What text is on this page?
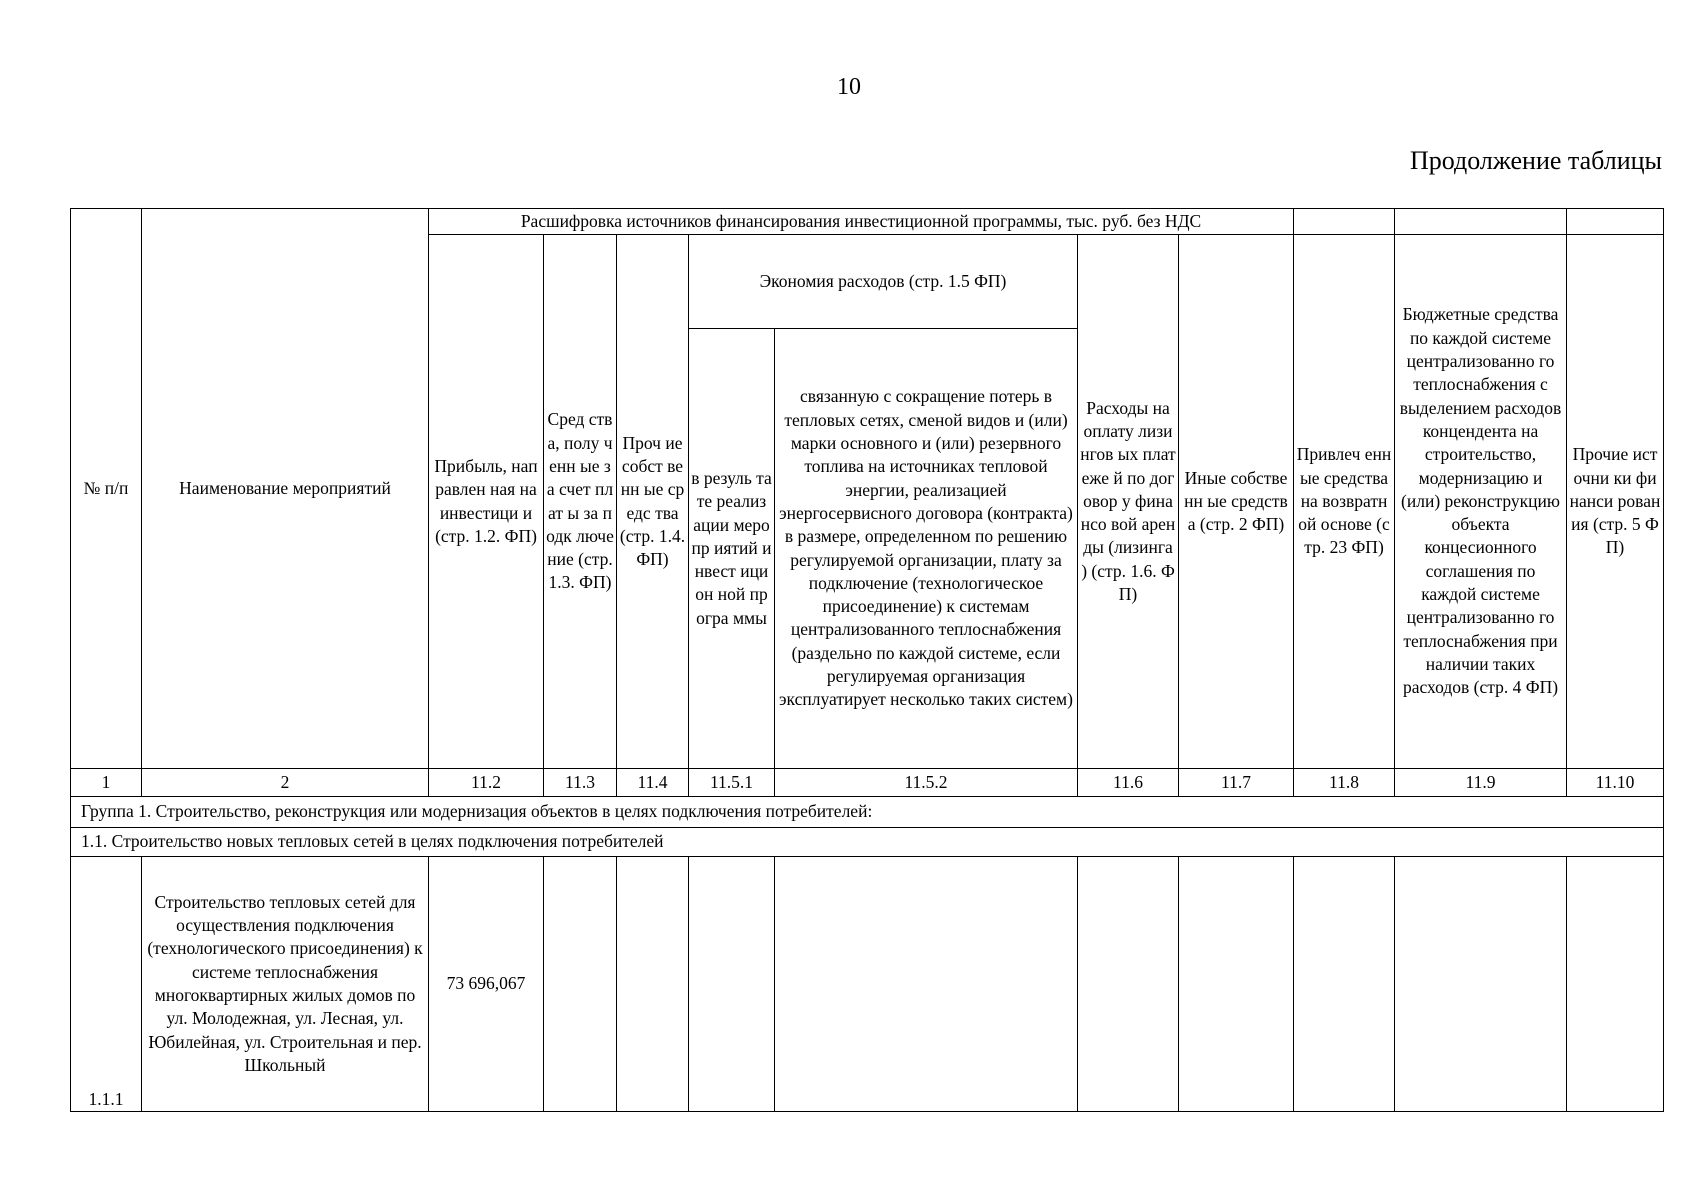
10
Продолжение таблицы
№ п/п	Наименование мероприятий	Расшифровка источников финансирования инвестиционной программы, тыс. руб. без НДС									
		Прибыль, направлен ная на инвестици и (стр. 1.2. ФП)	Сред ства, полу ченн ые за счет плат ы за подк люче ние (стр. 1.3. ФП)	Проч ие собст венн ые средс тва (стр. 1.4. ФП)	Экономия расходов (стр. 1.5 ФП)		Расходы на оплату лизингов ых платеже й по договор у финансо вой аренды (лизинга ) (стр. 1.6. ФП)	Иные собственн ые средства (стр. 2 ФП)	Привлеч енные средства на возвратн ой основе (стр. 23 ФП)	Бюджетные средства по каждой системе централизованно го теплоснабжения с выделением расходов концендента на строительство, модернизацию и (или) реконструкцию объекта концесионного соглашения по каждой системе централизованно го теплоснабжения при наличии таких расходов (стр. 4 ФП)	Прочие источни ки финанси рования (стр. 5 ФП)
					в резуль тате реализ ации меропр иятий инвест ицион ной програ ммы	связанную с сокращение потерь в тепловых сетях, сменой видов и (или) марки основного и (или) резервного топлива на источниках тепловой энергии, реализацией энергосервисного договора (контракта) в размере, определенном по решению регулируемой организации, плату за подключение (технологическое присоединение) к системам централизованного теплоснабжения (раздельно по каждой системе, если регулируемая организация эксплуатирует несколько таких систем)					
1	2	11.2	11.3	11.4	11.5.1	11.5.2	11.6	11.7	11.8	11.9	11.10
Группа 1. Строительство, реконструкция или модернизация объектов в целях подключения потребителей:											
1.1. Строительство новых тепловых сетей в целях подключения потребителей											
1.1.1	Строительство тепловых сетей для осуществления подключения (технологического присоединения) к системе теплоснабжения многоквартирных жилых домов по ул. Молодежная, ул. Лесная, ул. Юбилейная, ул. Строительная и пер. Школьный	73 696,067									
